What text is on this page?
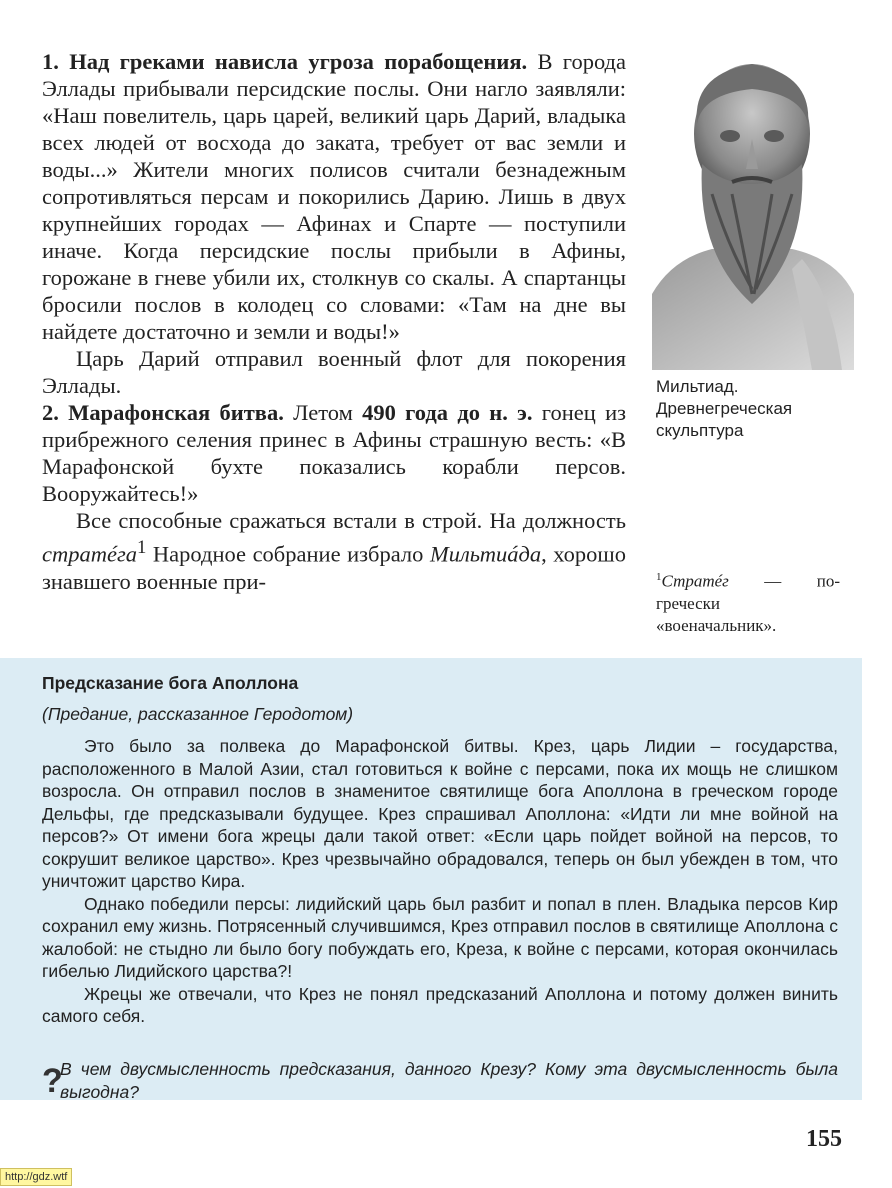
1. Над греками нависла угроза порабощения. В города Эллады прибывали персидские послы. Они нагло заявляли: «Наш повелитель, царь царей, великий царь Дарий, владыка всех людей от восхода до заката, требует от вас земли и воды...» Жители многих полисов считали безнадежным сопротивляться персам и покорились Дарию. Лишь в двух крупнейших городах — Афинах и Спарте — поступили иначе. Когда персидские послы прибыли в Афины, горожане в гневе убили их, столкнув со скалы. А спартанцы бросили послов в колодец со словами: «Там на дне вы найдете достаточно и земли и воды!»

Царь Дарий отправил военный флот для покорения Эллады.

2. Марафонская битва. Летом 490 года до н. э. гонец из прибрежного селения принес в Афины страшную весть: «В Марафонской бухте показались корабли персов. Вооружайтесь!»

Все способные сражаться встали в строй. На должность стратéга$^1$ Народное собрание избрало Мильтиáда, хорошо знавшего военные при-

Мильтиад. Древнегреческая скульптура
$^1$Стратéг — по-гречески «военачальник».
Предсказание бога Аполлона

(Предание, рассказанное Геродотом)

Это было за полвека до Марафонской битвы. Крез, царь Лидии – государства, расположенного в Малой Азии, стал готовиться к войне с персами, пока их мощь не слишком возросла. Он отправил послов в знаменитое святилище бога Аполлона в греческом городе Дельфы, где предсказывали будущее. Крез спрашивал Аполлона: «Идти ли мне войной на персов?» От имени бога жрецы дали такой ответ: «Если царь пойдет войной на персов, то сокрушит великое царство». Крез чрезвычайно обрадовался, теперь он был убежден в том, что уничтожит царство Кира.

Однако победили персы: лидийский царь был разбит и попал в плен. Владыка персов Кир сохранил ему жизнь. Потрясенный случившимся, Крез отправил послов в святилище Аполлона с жалобой: не стыдно ли было богу побуждать его, Креза, к войне с персами, которая окончилась гибелью Лидийского царства?!

Жрецы же отвечали, что Крез не понял предсказаний Аполлона и потому должен винить самого себя.

?
В чем двусмысленность предсказания, данного Крезу? Кому эта двусмысленность была выгодна?
155
http://gdz.wtf
